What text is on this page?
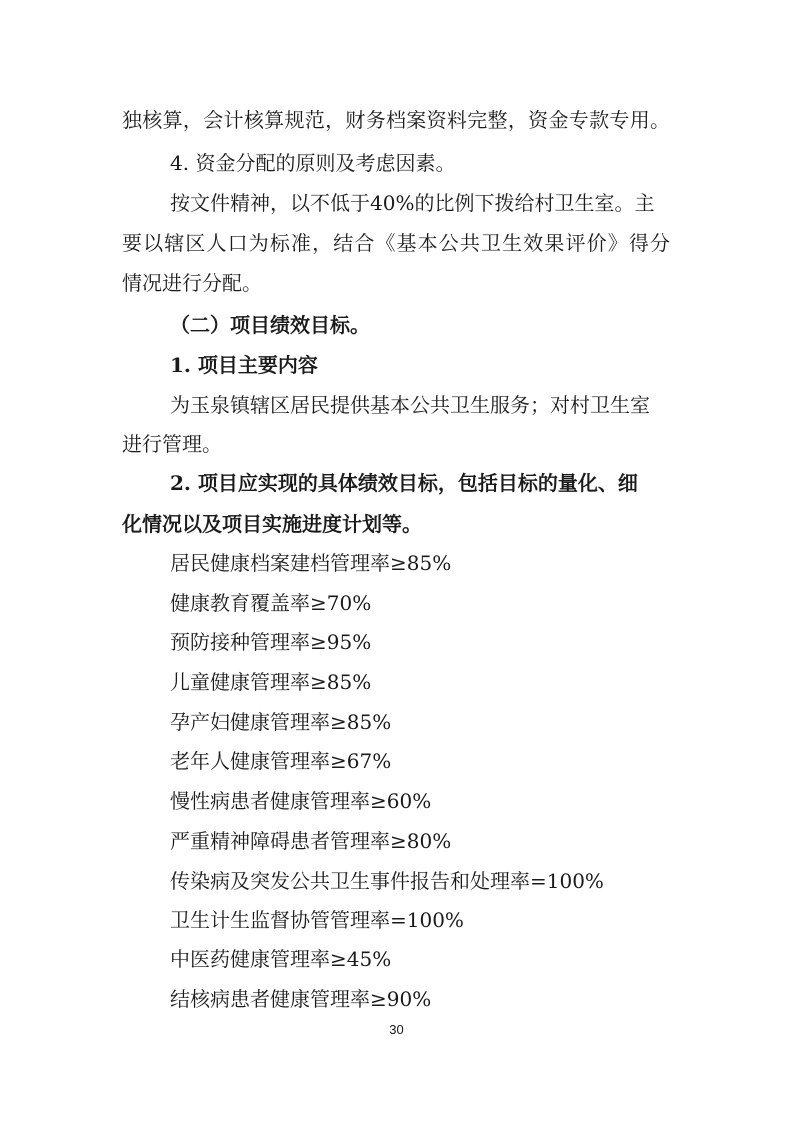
独核算，会计核算规范，财务档案资料完整，资金专款专用。
4. 资金分配的原则及考虑因素。
按文件精神，以不低于40%的比例下拨给村卫生室。主
要以辖区人口为标准，结合《基本公共卫生效果评价》得分
情况进行分配。
（二）项目绩效目标。
1. 项目主要内容
为玉泉镇辖区居民提供基本公共卫生服务；对村卫生室
进行管理。
2. 项目应实现的具体绩效目标，包括目标的量化、细
化情况以及项目实施进度计划等。
居民健康档案建档管理率≥85%
健康教育覆盖率≥70%
预防接种管理率≥95%
儿童健康管理率≥85%
孕产妇健康管理率≥85%
老年人健康管理率≥67%
慢性病患者健康管理率≥60%
严重精神障碍患者管理率≥80%
传染病及突发公共卫生事件报告和处理率=100%
卫生计生监督协管管理率=100%
中医药健康管理率≥45%
结核病患者健康管理率≥90%
30
